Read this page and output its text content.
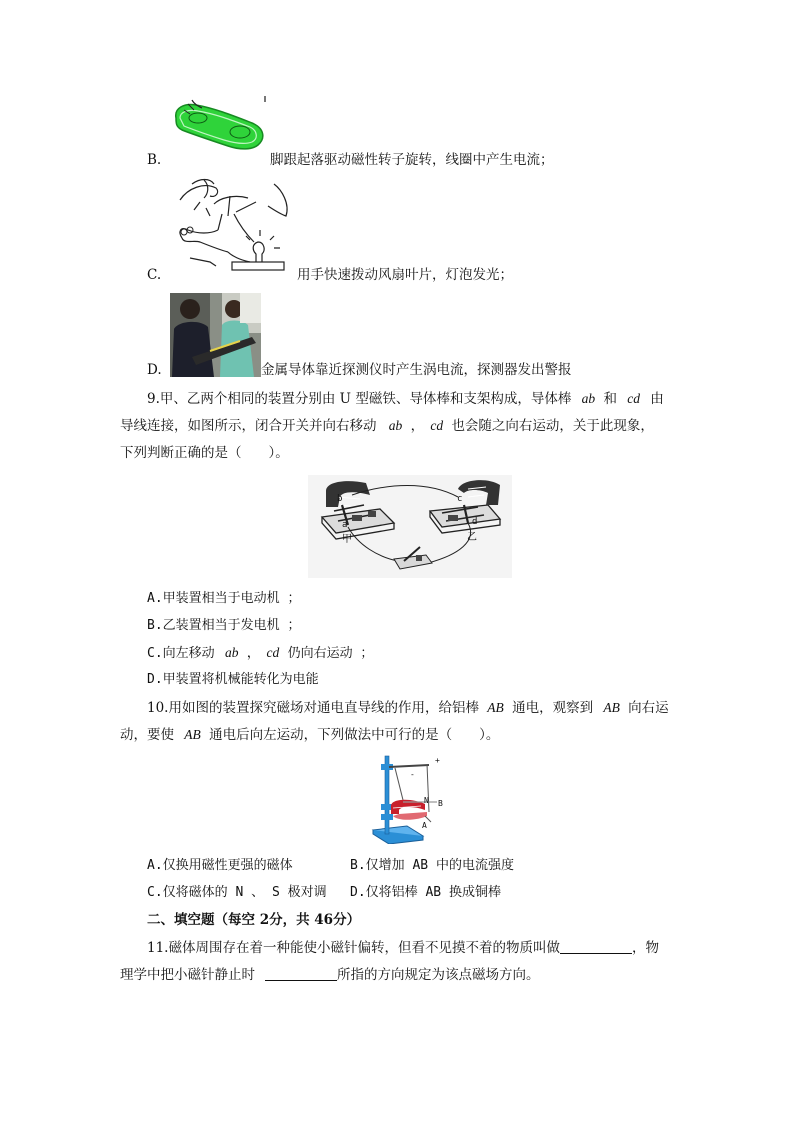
B.	脚跟起落驱动磁性转子旋转，线圈中产生电流；
C.	用手快速拨动风扇叶片，灯泡发光；
D.	金属导体靠近探测仪时产生涡电流，探测器发出警报
9.甲、乙两个相同的装置分别由 U 型磁铁、导体棒和支架构成，导体棒 ab 和 cd 由
导线连接，如图所示，闭合开关并向右移动 ab ， cd 也会随之向右运动，关于此现象，
下列判断正确的是（　　）。
b
a
c
d
甲	乙
A.甲装置相当于电动机 ；
B.乙装置相当于发电机 ；
C.向左移动 ab ， cd 仍向右运动 ；
D.甲装置将机械能转化为电能
10.用如图的装置探究磁场对通电直导线的作用，给铝棒 AB 通电，观察到 AB 向右运
动，要使 AB 通电后向左运动，下列做法中可行的是（　　）。
+
-
N B
A
A.仅换用磁性更强的磁体	B.仅增加 AB 中的电流强度
C.仅将磁体的 N 、 S 极对调 D.仅将铝棒 AB 换成铜棒
二、填空题（每空 2分，共 46分）
11.磁体周围存在着一种能使小磁针偏转，但看不见摸不着的物质叫做	，物
理学中把小磁针静止时	所指的方向规定为该点磁场方向。
